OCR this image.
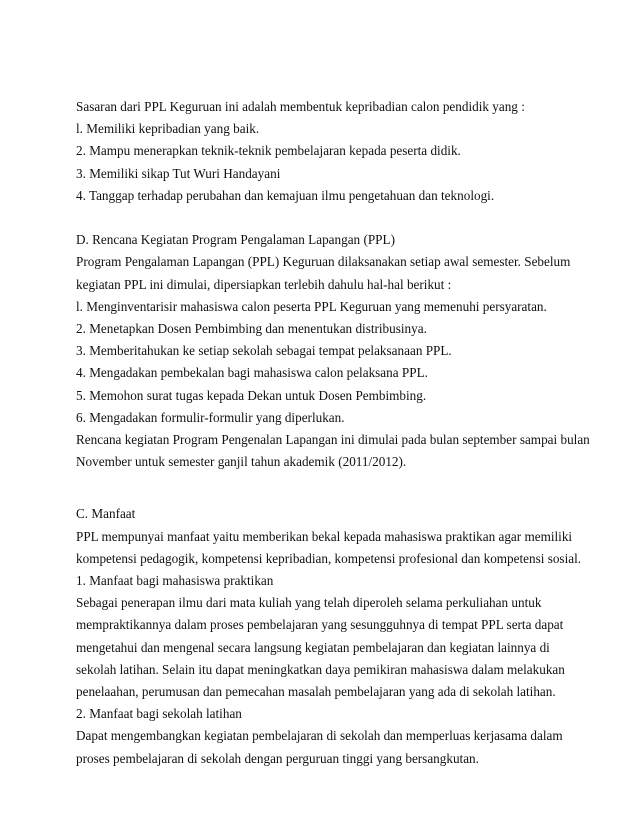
Sasaran dari PPL Keguruan ini adalah membentuk kepribadian calon pendidik yang :
l. Memiliki kepribadian yang baik.
2. Mampu menerapkan teknik-teknik pembelajaran kepada peserta didik.
3. Memiliki sikap Tut Wuri Handayani
4. Tanggap terhadap perubahan dan kemajuan ilmu pengetahuan dan teknologi.
D. Rencana Kegiatan Program Pengalaman Lapangan (PPL)
Program Pengalaman Lapangan (PPL) Keguruan dilaksanakan setiap awal semester. Sebelum
kegiatan PPL ini dimulai, dipersiapkan terlebih dahulu hal-hal berikut :
l. Menginventarisir mahasiswa calon peserta PPL Keguruan yang memenuhi persyaratan.
2. Menetapkan Dosen Pembimbing dan menentukan distribusinya.
3. Memberitahukan ke setiap sekolah sebagai tempat pelaksanaan PPL.
4. Mengadakan pembekalan bagi mahasiswa calon pelaksana PPL.
5. Memohon surat tugas kepada Dekan untuk Dosen Pembimbing.
6. Mengadakan formulir-formulir yang diperlukan.
Rencana kegiatan Program Pengenalan Lapangan ini dimulai pada bulan september sampai bulan
November untuk semester ganjil tahun akademik (2011/2012).
C. Manfaat
PPL mempunyai manfaat yaitu memberikan bekal kepada mahasiswa praktikan agar memiliki
kompetensi pedagogik, kompetensi kepribadian, kompetensi profesional dan kompetensi sosial.
1. Manfaat bagi mahasiswa praktikan
Sebagai penerapan ilmu dari mata kuliah yang telah diperoleh selama perkuliahan untuk
mempraktikannya dalam proses pembelajaran yang sesungguhnya di tempat PPL serta dapat
mengetahui dan mengenal secara langsung kegiatan pembelajaran dan kegiatan lainnya di
sekolah latihan. Selain itu dapat meningkatkan daya pemikiran mahasiswa dalam melakukan
penelaahan, perumusan dan pemecahan masalah pembelajaran yang ada di sekolah latihan.
2. Manfaat bagi sekolah latihan
Dapat mengembangkan kegiatan pembelajaran di sekolah dan memperluas kerjasama dalam
proses pembelajaran di sekolah dengan perguruan tinggi yang bersangkutan.
